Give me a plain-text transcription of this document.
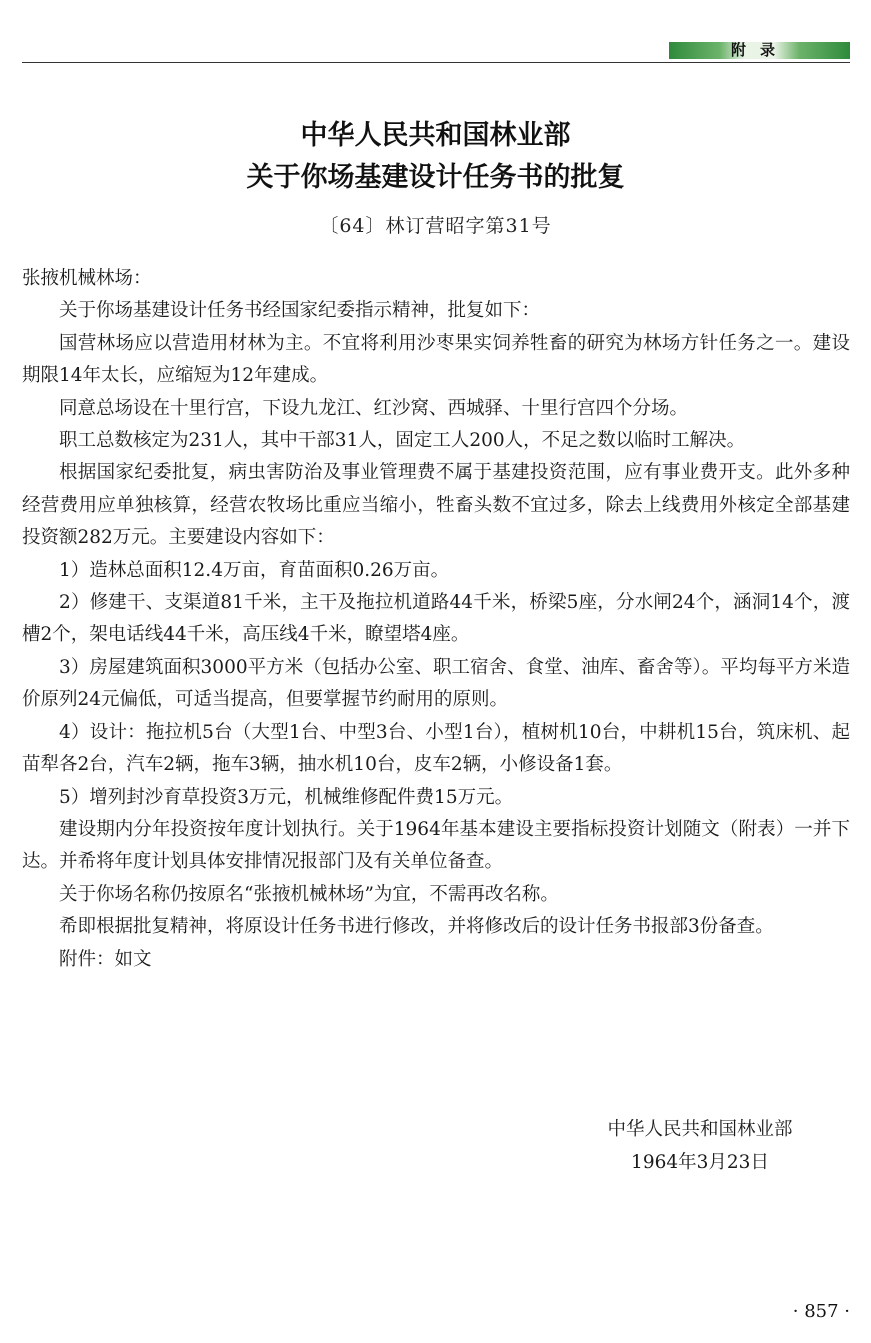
附录
中华人民共和国林业部
关于你场基建设计任务书的批复
〔64〕林订营昭字第31号

张掖机械林场：

关于你场基建设计任务书经国家纪委指示精神，批复如下：

国营林场应以营造用材林为主。不宜将利用沙枣果实饲养牲畜的研究为林场方针任务之一。建设期限14年太长，应缩短为12年建成。

同意总场设在十里行宫，下设九龙江、红沙窝、西城驿、十里行宫四个分场。

职工总数核定为231人，其中干部31人，固定工人200人，不足之数以临时工解决。

根据国家纪委批复，病虫害防治及事业管理费不属于基建投资范围，应有事业费开支。此外多种经营费用应单独核算，经营农牧场比重应当缩小，牲畜头数不宜过多，除去上线费用外核定全部基建投资额282万元。主要建设内容如下：

1）造林总面积12.4万亩，育苗面积0.26万亩。

2）修建干、支渠道81千米，主干及拖拉机道路44千米，桥梁5座，分水闸24个，涵洞14个，渡槽2个，架电话线44千米，高压线4千米，瞭望塔4座。

3）房屋建筑面积3000平方米（包括办公室、职工宿舍、食堂、油库、畜舍等）。平均每平方米造价原列24元偏低，可适当提高，但要掌握节约耐用的原则。

4）设计：拖拉机5台（大型1台、中型3台、小型1台），植树机10台，中耕机15台，筑床机、起苗犁各2台，汽车2辆，拖车3辆，抽水机10台，皮车2辆，小修设备1套。

5）增列封沙育草投资3万元，机械维修配件费15万元。

建设期内分年投资按年度计划执行。关于1964年基本建设主要指标投资计划随文（附表）一并下达。并希将年度计划具体安排情况报部门及有关单位备查。

关于你场名称仍按原名“张掖机械林场”为宜，不需再改名称。

希即根据批复精神，将原设计任务书进行修改，并将修改后的设计任务书报部3份备查。

附件：如文

中华人民共和国林业部
1964年3月23日
· 857 ·
